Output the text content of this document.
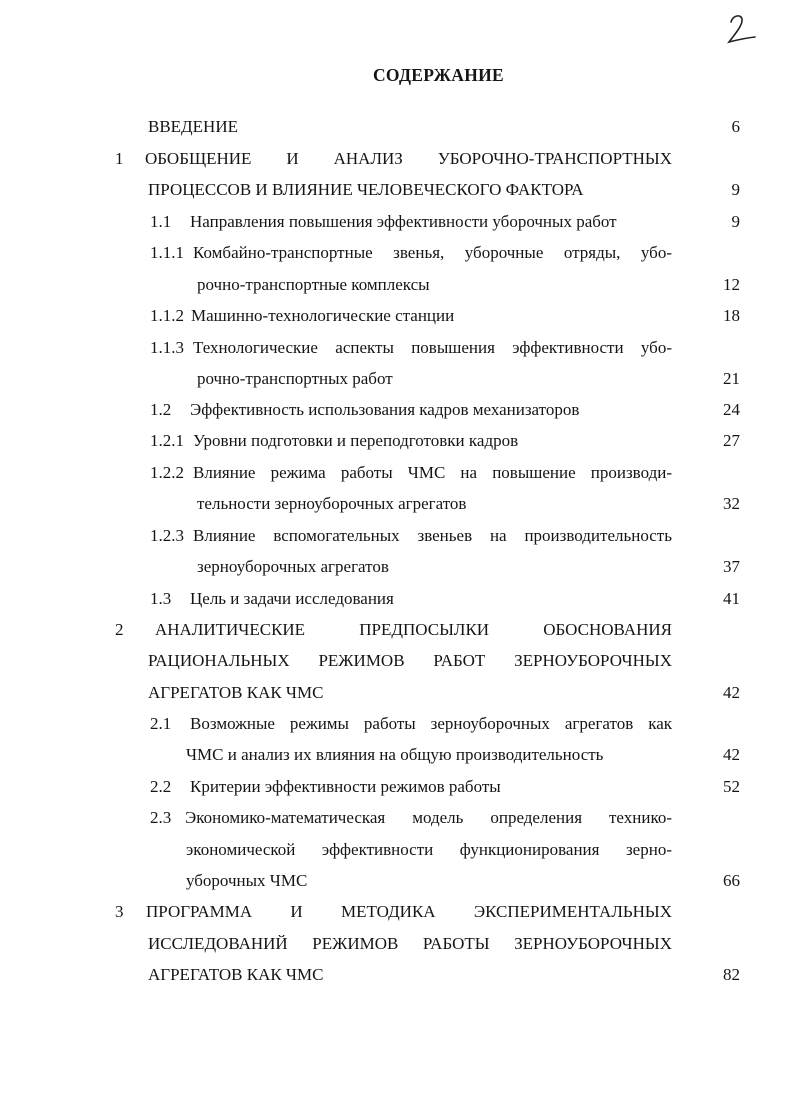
СОДЕРЖАНИЕ
ВВЕДЕНИЕ	6
1 ОБОБЩЕНИЕ И АНАЛИЗ УБОРОЧНО-ТРАНСПОРТНЫХ
ПРОЦЕССОВ И ВЛИЯНИЕ ЧЕЛОВЕЧЕСКОГО ФАКТОРА	9
1.1 Направления повышения эффективности уборочных работ	9
1.1.1 Комбайно-транспортные звенья, уборочные отряды, убо-
рочно-транспортные комплексы	12
1.1.2 Машинно-технологические станции	18
1.1.3 Технологические аспекты повышения эффективности убо-
рочно-транспортных работ	21
1.2 Эффективность использования кадров механизаторов	24
1.2.1 Уровни подготовки и переподготовки кадров	27
1.2.2 Влияние режима работы ЧМС на повышение производи-
тельности зерноуборочных агрегатов	32
1.2.3 Влияние вспомогательных звеньев на производительность
зерноуборочных агрегатов	37
1.3 Цель и задачи исследования	41
2 АНАЛИТИЧЕСКИЕ ПРЕДПОСЫЛКИ ОБОСНОВАНИЯ
РАЦИОНАЛЬНЫХ РЕЖИМОВ РАБОТ ЗЕРНОУБОРОЧНЫХ
АГРЕГАТОВ КАК ЧМС	42
2.1 Возможные режимы работы зерноуборочных агрегатов как
ЧМС и анализ их влияния на общую производительность	42
2.2 Критерии эффективности режимов работы	52
2.3 Экономико-математическая модель определения технико-
экономической эффективности функционирования зерно-
уборочных ЧМС	66
3 ПРОГРАММА И МЕТОДИКА ЭКСПЕРИМЕНТАЛЬНЫХ
ИССЛЕДОВАНИЙ РЕЖИМОВ РАБОТЫ ЗЕРНОУБОРОЧНЫХ
АГРЕГАТОВ КАК ЧМС	82
